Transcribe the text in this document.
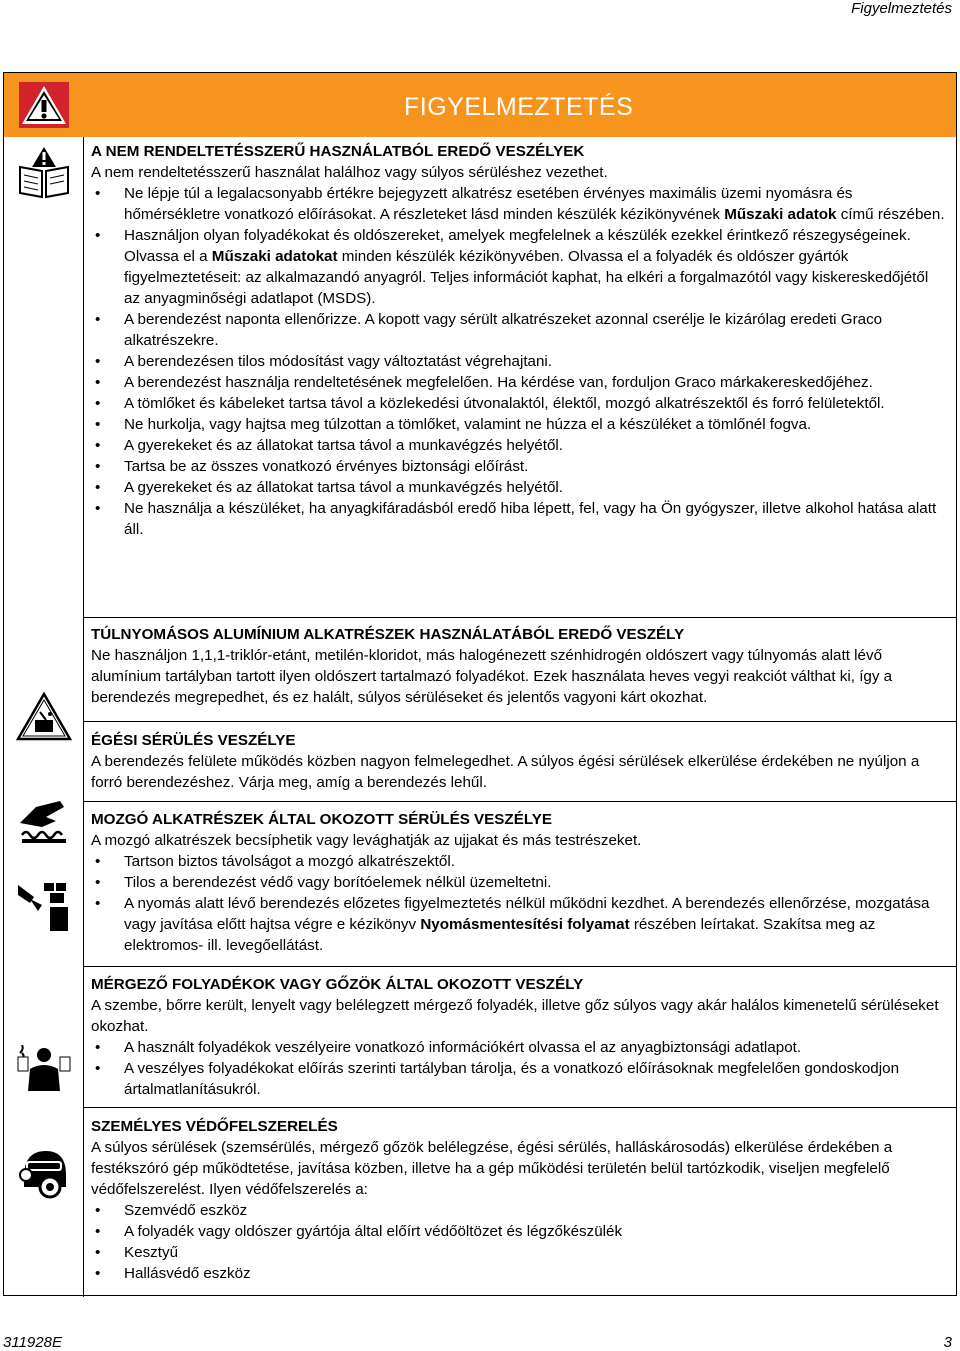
Figyelmeztetés
FIGYELMEZTETÉS
A NEM RENDELTETÉSSZERŰ HASZNÁLATBÓL EREDŐ VESZÉLYEK

A nem rendeltetésszerű használat halálhoz vagy súlyos sérüléshez vezethet.

• Ne lépje túl a legalacsonyabb értékre bejegyzett alkatrész esetében érvényes maximális üzemi nyomásra és hőmérsékletre vonatkozó előírásokat. A részleteket lásd minden készülék kézikönyvének Műszaki adatok című részében.
• Használjon olyan folyadékokat és oldószereket, amelyek megfelelnek a készülék ezekkel érintkező részegységeinek. Olvassa el a Műszaki adatokat minden készülék kézikönyvében. Olvassa el a folyadék és oldószer gyártók figyelmeztetéseit: az alkalmazandó anyagról. Teljes információt kaphat, ha elkéri a forgalmazótól vagy kiskereskedőjétől az anyagminőségi adatlapot (MSDS).
• A berendezést naponta ellenőrizze. A kopott vagy sérült alkatrészeket azonnal cserélje le kizárólag eredeti Graco alkatrészekre.
• A berendezésen tilos módosítást vagy változtatást végrehajtani.
• A berendezést használja rendeltetésének megfelelően. Ha kérdése van, forduljon Graco márkakereskedőjéhez.
• A tömlőket és kábeleket tartsa távol a közlekedési útvonalaktól, élektől, mozgó alkatrészektől és forró felületektől.
• Ne hurkolja, vagy hajtsa meg túlzottan a tömlőket, valamint ne húzza el a készüléket a tömlőnél fogva.
• A gyerekeket és az állatokat tartsa távol a munkavégzés helyétől.
• Tartsa be az összes vonatkozó érvényes biztonsági előírást.
• A gyerekeket és az állatokat tartsa távol a munkavégzés helyétől.
• Ne használja a készüléket, ha anyagkifáradásból eredő hiba lépett, fel, vagy ha Ön gyógyszer, illetve alkohol hatása alatt áll.
TÚLNYOMÁSOS ALUMÍNIUM ALKATRÉSZEK HASZNÁLATÁBÓL EREDŐ VESZÉLY

Ne használjon 1,1,1-triklór-etánt, metilén-kloridot, más halogénezett szénhidrogén oldószert vagy túlnyomás alatt lévő alumínium tartályban tartott ilyen oldószert tartalmazó folyadékot. Ezek használata heves vegyi reakciót válthat ki, így a berendezés megrepedhet, és ez halált, súlyos sérüléseket és jelentős vagyoni kárt okozhat.

ÉGÉSI SÉRÜLÉS VESZÉLYE

A berendezés felülete működés közben nagyon felmelegedhet. A súlyos égési sérülések elkerülése érdekében ne nyúljon a forró berendezéshez. Várja meg, amíg a berendezés lehűl.

MOZGÓ ALKATRÉSZEK ÁLTAL OKOZOTT SÉRÜLÉS VESZÉLYE

A mozgó alkatrészek becsíphetik vagy levághatják az ujjakat és más testrészeket.

• Tartson biztos távolságot a mozgó alkatrészektől.
• Tilos a berendezést védő vagy borítóelemek nélkül üzemeltetni.
• A nyomás alatt lévő berendezés előzetes figyelmeztetés nélkül működni kezdhet. A berendezés ellenőrzése, mozgatása vagy javítása előtt hajtsa végre e kézikönyv Nyomásmentesítési folyamat részében leírtakat. Szakítsa meg az elektromos- ill. levegőellátást.
MÉRGEZŐ FOLYADÉKOK VAGY GŐZÖK ÁLTAL OKOZOTT VESZÉLY

A szembe, bőrre került, lenyelt vagy belélegzett mérgező folyadék, illetve gőz súlyos vagy akár halálos kimenetelű sérüléseket okozhat.

• A használt folyadékok veszélyeire vonatkozó információkért olvassa el az anyagbiztonsági adatlapot.
• A veszélyes folyadékokat előírás szerinti tartályban tárolja, és a vonatkozó előírásoknak megfelelően gondoskodjon ártalmatlanításukról.
SZEMÉLYES VÉDŐFELSZERELÉS

A súlyos sérülések (szemsérülés, mérgező gőzök belélegzése, égési sérülés, halláskárosodás) elkerülése érdekében a festékszóró gép működtetése, javítása közben, illetve ha a gép működési területén belül tartózkodik, viseljen megfelelő védőfelszerelést. Ilyen védőfelszerelés a:

• Szemvédő eszköz
• A folyadék vagy oldószer gyártója által előírt védőöltözet és légzőkészülék
• Kesztyű
• Hallásvédő eszköz
311928E	3
